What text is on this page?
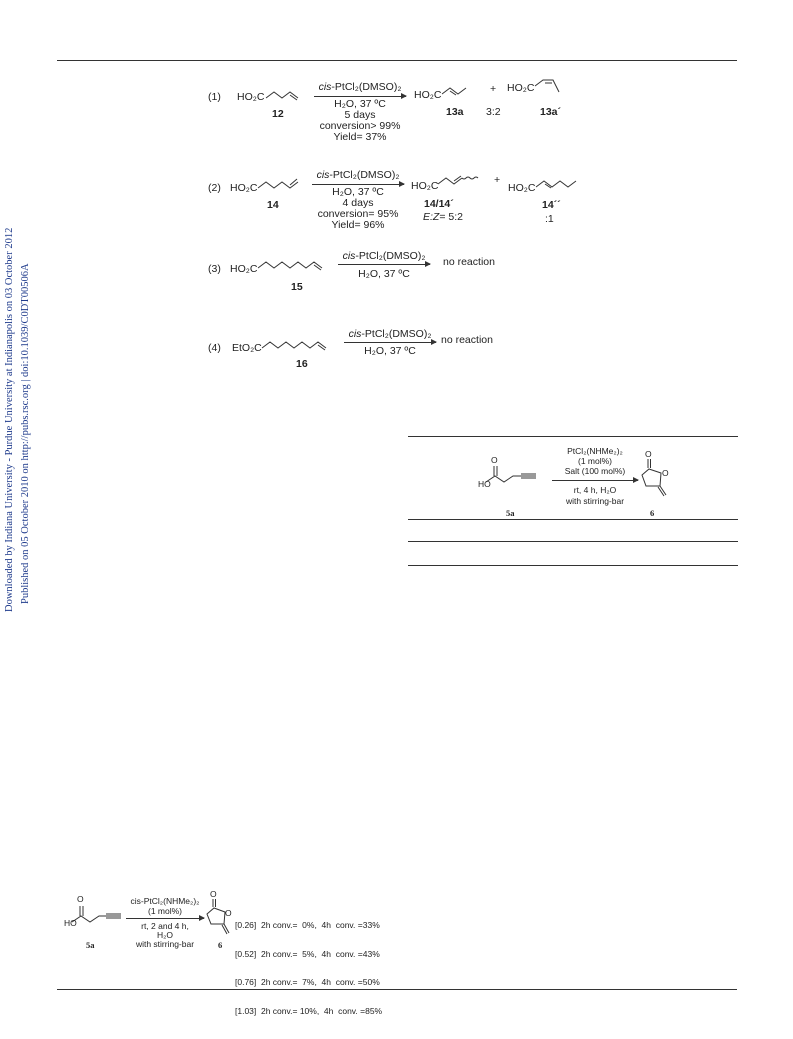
Downloaded by Indiana University - Purdue University at Indianapolis on 03 October 2012 Published on 05 October 2010 on http://pubs.rsc.org | doi:10.1039/C0DT00506A
(1) HO₂C
12
cis-PtCl₂(DMSO)₂
H₂O, 37 ºC
5 days
conversion> 99%
Yield= 37%
HO₂C
13a
+
3:2
HO₂C
13a´
(2) HO₂C
14
cis-PtCl₂(DMSO)₂
H₂O, 37 ºC
4 days
conversion= 95%
Yield= 96%
HO₂C
14/14´
E:Z= 5:2
+
HO₂C
14´´
:1
(3) HO₂C
15
cis-PtCl₂(DMSO)₂
H₂O, 37 ºC
no reaction
(4) EtO₂C
16
cis-PtCl₂(DMSO)₂
H₂O, 37 ºC
no reaction
O
HO
5a
PtCl₂(NHMe₂)₂
(1 mol%)
Salt (100 mol%)
rt, 4 h, H₂O
with stirring-bar
O
O
6
O
HO
5a
cis-PtCl₂(NHMe₂)₂
(1 mol%)
rt, 2 and 4 h,
H₂O
with stirring-bar
O
O
6

[0.26]  2h conv.=  0%,  4h  conv. =33%

[0.52]  2h conv.=  5%,  4h  conv. =43%

[0.76]  2h conv.=  7%,  4h  conv. =50%

[1.03]  2h conv.= 10%,  4h  conv. =85%
